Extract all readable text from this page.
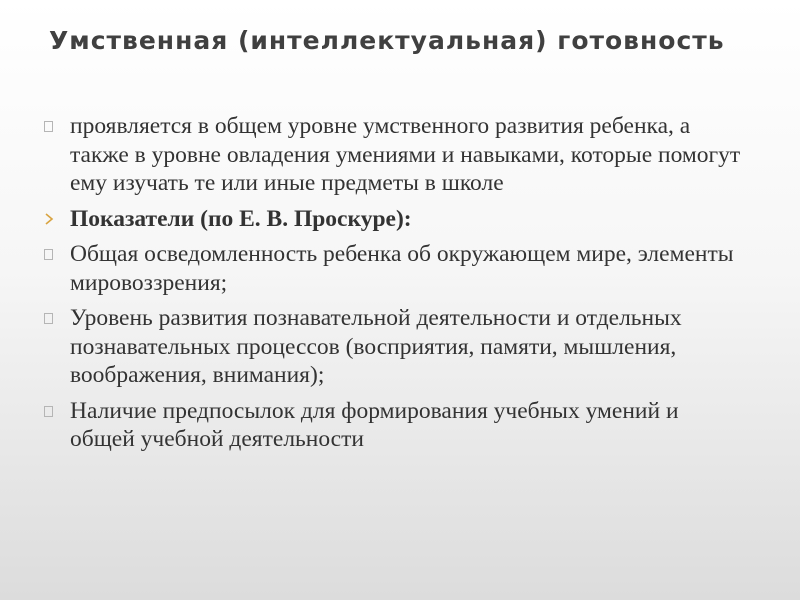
Умственная (интеллектуальная) готовность
проявляется в общем уровне умственного развития ребенка, а также в уровне овладения умениями и навыками, которые помогут ему изучать те или иные предметы в школе
Показатели (по Е. В. Проскуре):
Общая осведомленность ребенка об окружающем мире, элементы мировоззрения;
Уровень развития познавательной деятельности и отдельных познавательных процессов (восприятия, памяти, мышления, воображения, внимания);
Наличие предпосылок для формирования учебных умений и общей учебной деятельности
